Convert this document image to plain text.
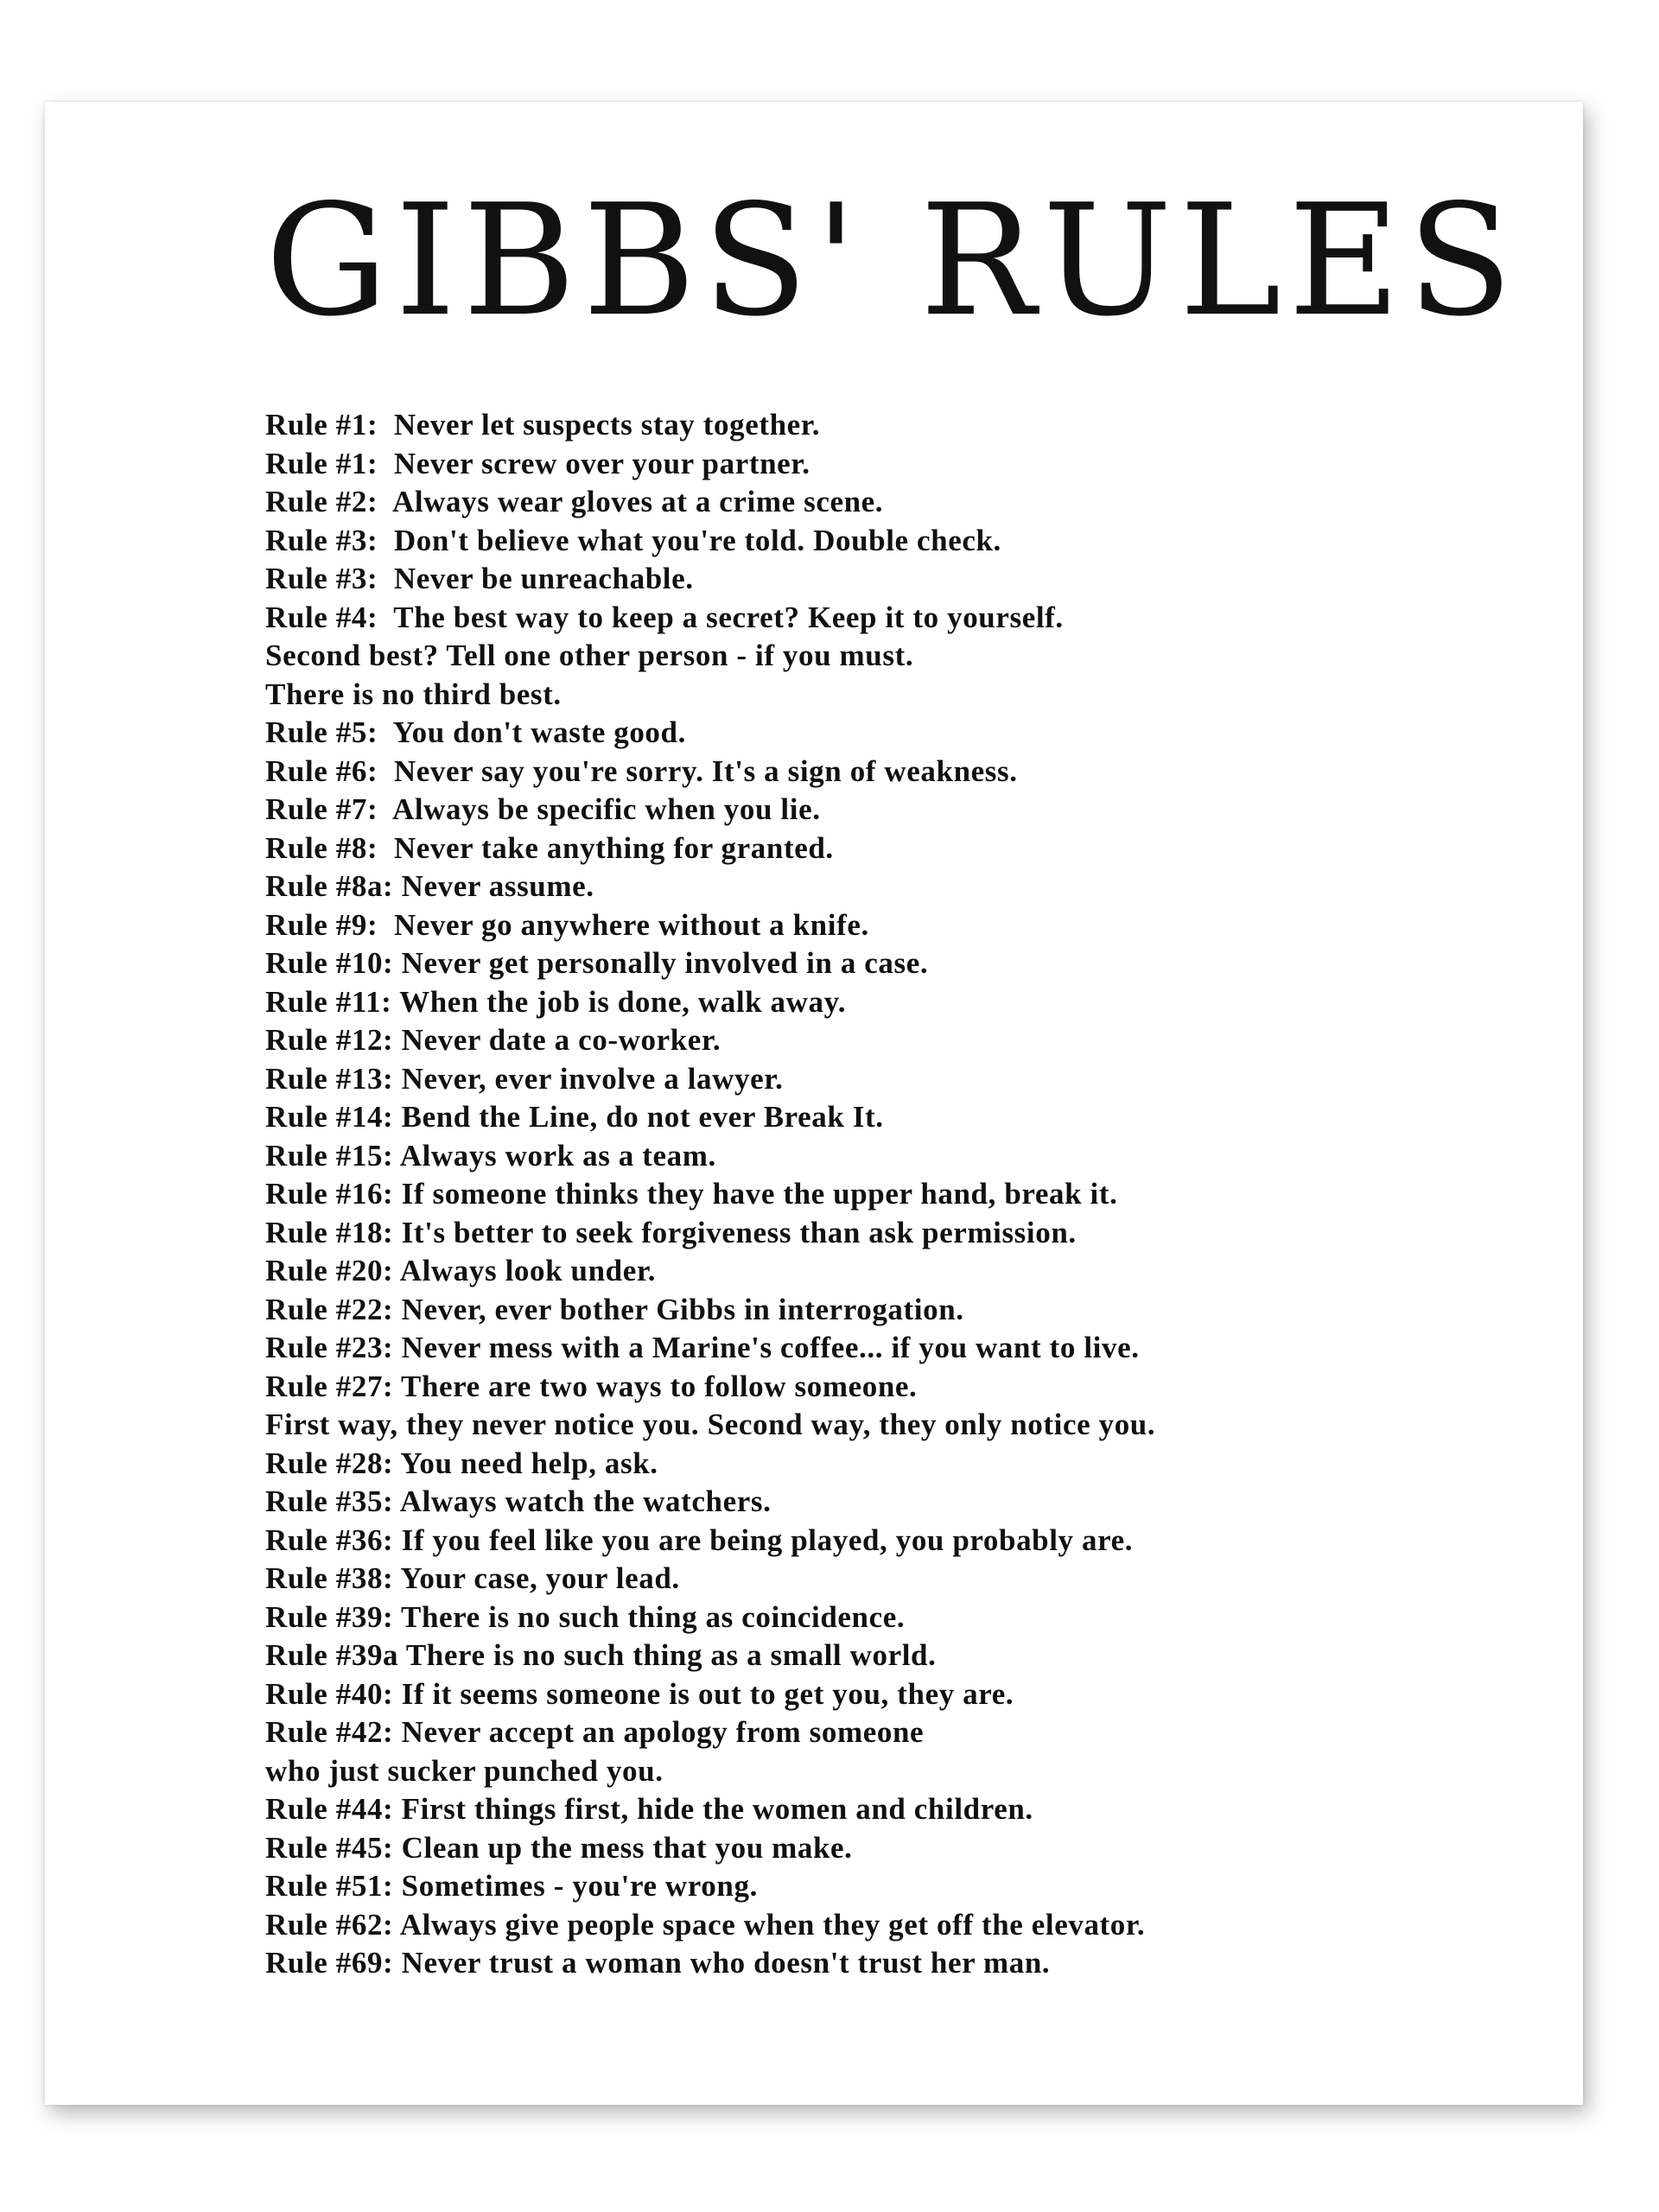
GIBBS' RULES
Rule #1:  Never let suspects stay together.
Rule #1:  Never screw over your partner.
Rule #2:  Always wear gloves at a crime scene.
Rule #3:  Don't believe what you're told. Double check.
Rule #3:  Never be unreachable.
Rule #4:  The best way to keep a secret? Keep it to yourself.
Second best? Tell one other person - if you must.
There is no third best.
Rule #5:  You don't waste good.
Rule #6:  Never say you're sorry. It's a sign of weakness.
Rule #7:  Always be specific when you lie.
Rule #8:  Never take anything for granted.
Rule #8a: Never assume.
Rule #9:  Never go anywhere without a knife.
Rule #10: Never get personally involved in a case.
Rule #11: When the job is done, walk away.
Rule #12: Never date a co-worker.
Rule #13: Never, ever involve a lawyer.
Rule #14: Bend the Line, do not ever Break It.
Rule #15: Always work as a team.
Rule #16: If someone thinks they have the upper hand, break it.
Rule #18: It's better to seek forgiveness than ask permission.
Rule #20: Always look under.
Rule #22: Never, ever bother Gibbs in interrogation.
Rule #23: Never mess with a Marine's coffee... if you want to live.
Rule #27: There are two ways to follow someone.
First way, they never notice you. Second way, they only notice you.
Rule #28: You need help, ask.
Rule #35: Always watch the watchers.
Rule #36: If you feel like you are being played, you probably are.
Rule #38: Your case, your lead.
Rule #39: There is no such thing as coincidence.
Rule #39a There is no such thing as a small world.
Rule #40: If it seems someone is out to get you, they are.
Rule #42: Never accept an apology from someone
who just sucker punched you.
Rule #44: First things first, hide the women and children.
Rule #45: Clean up the mess that you make.
Rule #51: Sometimes - you're wrong.
Rule #62: Always give people space when they get off the elevator.
Rule #69: Never trust a woman who doesn't trust her man.
